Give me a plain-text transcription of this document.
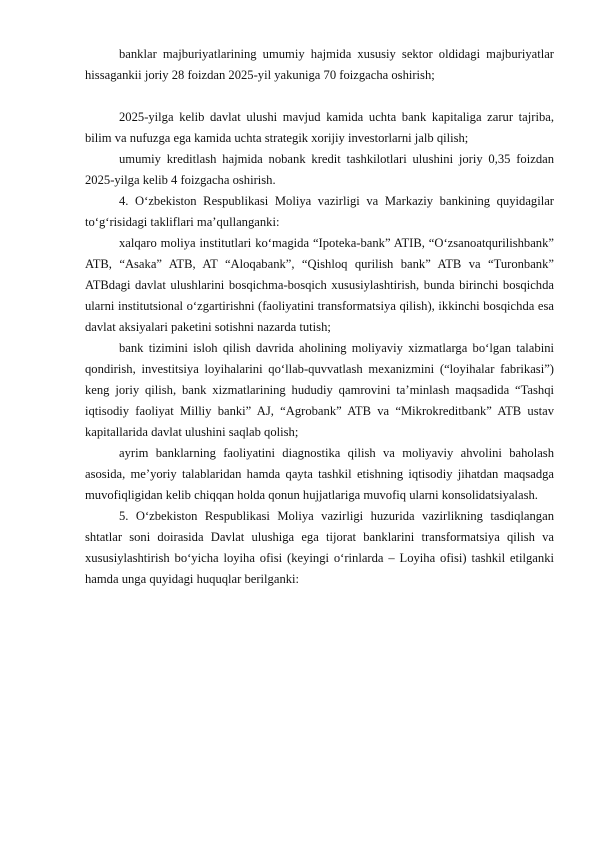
banklar majburiyatlarining umumiy hajmida xususiy sektor oldidagi majburiyatlar hissagankii joriy 28 foizdan 2025-yil yakuniga 70 foizgacha oshirish;

2025-yilga kelib davlat ulushi mavjud kamida uchta bank kapitaliga zarur tajriba, bilim va nufuzga ega kamida uchta strategik xorijiy investorlarni jalb qilish;

umumiy kreditlash hajmida nobank kredit tashkilotlari ulushini joriy 0,35 foizdan 2025-yilga kelib 4 foizgacha oshirish.

4. O‘zbekiston Respublikasi Moliya vazirligi va Markaziy bankining quyidagilar to‘g‘risidagi takliflari ma’qullanganki:

xalqaro moliya institutlari ko‘magida “Ipoteka-bank” ATIB, “O‘zsanoatqurilishbank” ATB, “Asaka” ATB, AT “Aloqabank”, “Qishloq qurilish bank” ATB va “Turonbank” ATBdagi davlat ulushlarini bosqichma-bosqich xususiylashtirish, bunda birinchi bosqichda ularni institutsional o‘zgartirishni (faoliyatini transformatsiya qilish), ikkinchi bosqichda esa davlat aksiyalari paketini sotishni nazarda tutish;

bank tizimini isloh qilish davrida aholining moliyaviy xizmatlarga bo‘lgan talabini qondirish, investitsiya loyihalarini qo‘llab-quvvatlash mexanizmini (“loyihalar fabrikasi”) keng joriy qilish, bank xizmatlarining hududiy qamrovini ta’minlash maqsadida “Tashqi iqtisodiy faoliyat Milliy banki” AJ, “Agrobank” ATB va “Mikrokreditbank” ATB ustav kapitallarida davlat ulushini saqlab qolish;

ayrim banklarning faoliyatini diagnostika qilish va moliyaviy ahvolini baholash asosida, me’yoriy talablaridan hamda qayta tashkil etishning iqtisodiy jihatdan maqsadga muvofiqligidan kelib chiqqan holda qonun hujjatlariga muvofiq ularni konsolidatsiyalash.

5. O‘zbekiston Respublikasi Moliya vazirligi huzurida vazirlikning tasdiqlangan shtatlar soni doirasida Davlat ulushiga ega tijorat banklarini transformatsiya qilish va xususiylashtirish bo‘yicha loyiha ofisi (keyingi o‘rinlarda – Loyiha ofisi) tashkil etilganki hamda unga quyidagi huquqlar berilganki:
